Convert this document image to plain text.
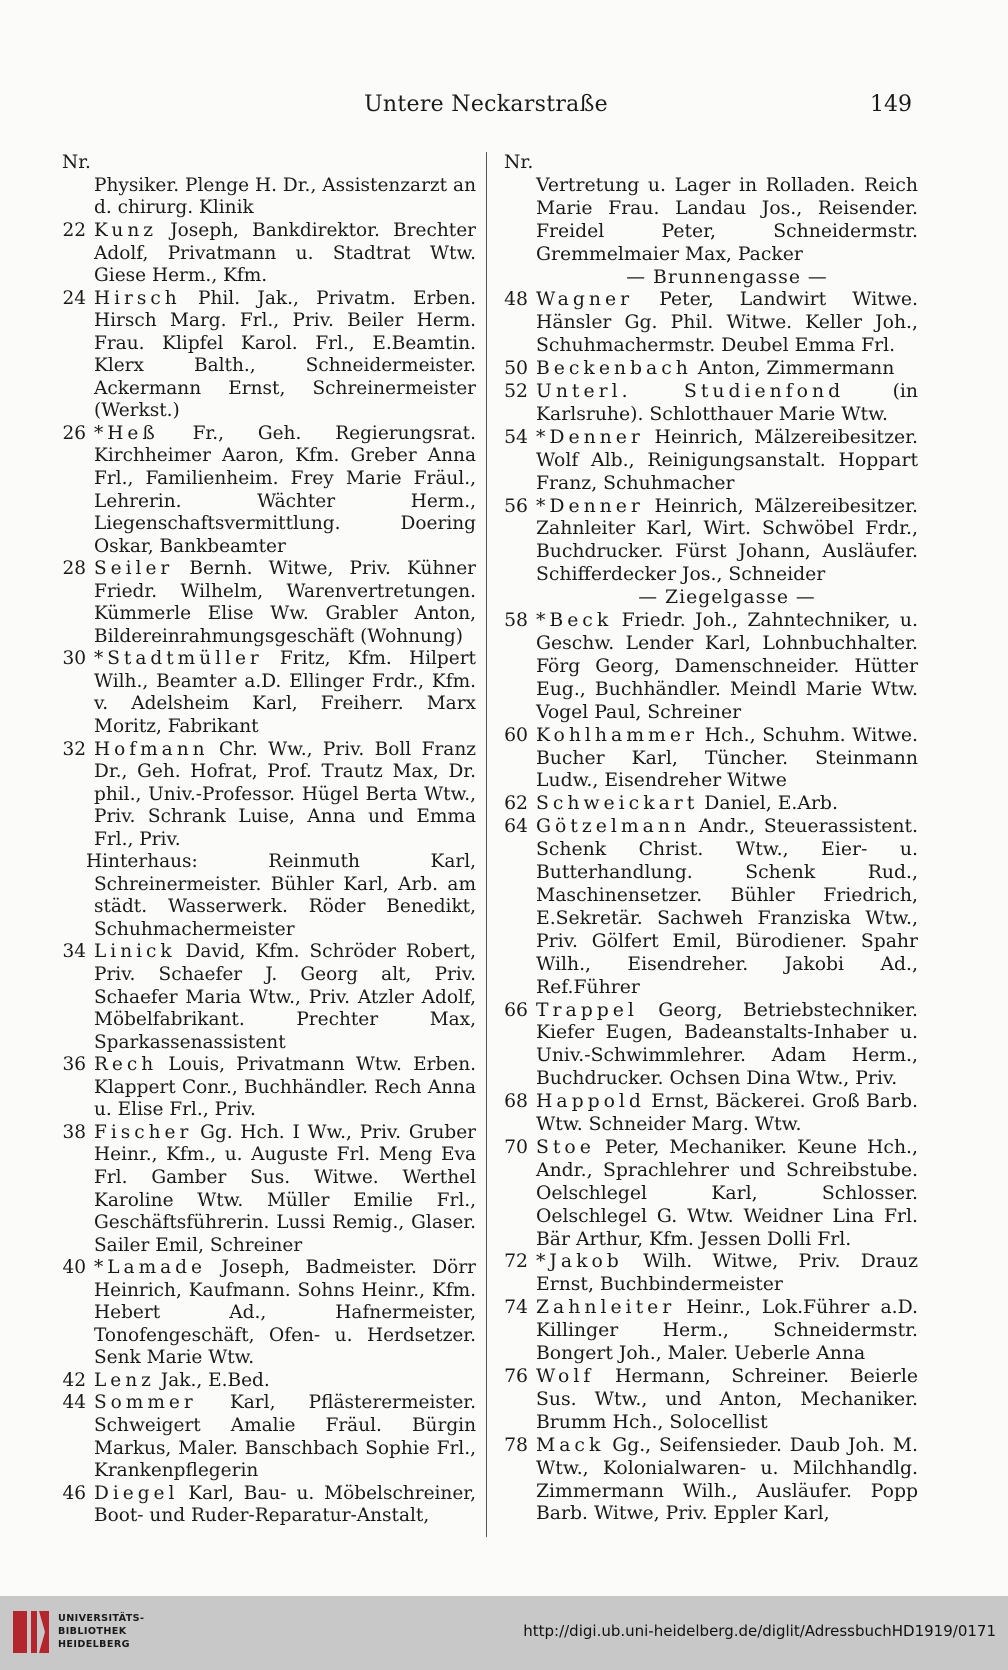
Untere Neckarstraße	149
Nr.

Physiker. Plenge H. Dr., Assistenzarzt an d. chirurg. Klinik

22 Kunz Joseph, Bankdirektor. Brechter Adolf, Privatmann u. Stadtrat Wtw. Giese Herm., Kfm.

24 Hirsch Phil. Jak., Privatm. Erben. Hirsch Marg. Frl., Priv. Beiler Herm. Frau. Klipfel Karol. Frl., E.Beamtin. Klerx Balth., Schneidermeister. Ackermann Ernst, Schreinermeister (Werkst.)

26 *Heß Fr., Geh. Regierungsrat. Kirchheimer Aaron, Kfm. Greber Anna Frl., Familienheim. Frey Marie Fräul., Lehrerin. Wächter Herm., Liegenschaftsvermittlung. Doering Oskar, Bankbeamter

28 Seiler Bernh. Witwe, Priv. Kühner Friedr. Wilhelm, Warenvertretungen. Kümmerle Elise Ww. Grabler Anton, Bildereinrahmungsgeschäft (Wohnung)

30 *Stadtmüller Fritz, Kfm. Hilpert Wilh., Beamter a.D. Ellinger Frdr., Kfm. v. Adelsheim Karl, Freiherr. Marx Moritz, Fabrikant

32 Hofmann Chr. Ww., Priv. Boll Franz Dr., Geh. Hofrat, Prof. Trautz Max, Dr. phil., Univ.-Professor. Hügel Berta Wtw., Priv. Schrank Luise, Anna und Emma Frl., Priv.

Hinterhaus: Reinmuth Karl, Schreinermeister. Bühler Karl, Arb. am städt. Wasserwerk. Röder Benedikt, Schuhmachermeister

34 Linick David, Kfm. Schröder Robert, Priv. Schaefer J. Georg alt, Priv. Schaefer Maria Wtw., Priv. Atzler Adolf, Möbelfabrikant. Prechter Max, Sparkassenassistent

36 Rech Louis, Privatmann Wtw. Erben. Klappert Conr., Buchhändler. Rech Anna u. Elise Frl., Priv.

38 Fischer Gg. Hch. I Ww., Priv. Gruber Heinr., Kfm., u. Auguste Frl. Meng Eva Frl. Gamber Sus. Witwe. Werthel Karoline Wtw. Müller Emilie Frl., Geschäftsführerin. Lussi Remig., Glaser. Sailer Emil, Schreiner

40 *Lamade Joseph, Badmeister. Dörr Heinrich, Kaufmann. Sohns Heinr., Kfm. Hebert Ad., Hafnermeister, Tonofengeschäft, Ofen- u. Herdsetzer. Senk Marie Wtw.

42 Lenz Jak., E.Bed.

44 Sommer Karl, Pflästerermeister. Schweigert Amalie Fräul. Bürgin Markus, Maler. Banschbach Sophie Frl., Krankenpflegerin

46 Diegel Karl, Bau- u. Möbelschreiner, Boot- und Ruder-Reparatur-Anstalt,

Nr.

Vertretung u. Lager in Rolladen. Reich Marie Frau. Landau Jos., Reisender. Freidel Peter, Schneidermstr. Gremmelmaier Max, Packer

— Brunnengasse —

48 Wagner Peter, Landwirt Witwe. Hänsler Gg. Phil. Witwe. Keller Joh., Schuhmachermstr. Deubel Emma Frl.

50 Beckenbach Anton, Zimmermann

52 Unterl. Studienfond	(in Karlsruhe). Schlotthauer Marie Wtw.

54 *Denner Heinrich, Mälzereibesitzer. Wolf Alb., Reinigungsanstalt. Hoppart Franz, Schuhmacher

56 *Denner Heinrich, Mälzereibesitzer. Zahnleiter Karl, Wirt. Schwöbel Frdr., Buchdrucker. Fürst Johann, Ausläufer. Schifferdecker Jos., Schneider

— Ziegelgasse —

58 *Beck Friedr. Joh., Zahntechniker, u. Geschw. Lender Karl, Lohnbuchhalter. Förg Georg, Damenschneider. Hütter Eug., Buchhändler. Meindl Marie Wtw. Vogel Paul, Schreiner

60 Kohlhammer Hch., Schuhm. Witwe. Bucher Karl, Tüncher. Steinmann Ludw., Eisendreher Witwe

62 Schweickart Daniel, E.Arb.

64 Götzelmann Andr., Steuerassistent. Schenk Christ. Wtw., Eier- u. Butterhandlung. Schenk Rud., Maschinensetzer. Bühler Friedrich, E.Sekretär. Sachweh Franziska Wtw., Priv. Gölfert Emil, Bürodiener. Spahr Wilh., Eisendreher. Jakobi Ad., Ref.Führer

66 Trappel Georg, Betriebstechniker. Kiefer Eugen, Badeanstalts-Inhaber u. Univ.-Schwimmlehrer. Adam Herm., Buchdrucker. Ochsen Dina Wtw., Priv.

68 Happold Ernst, Bäckerei. Groß Barb. Wtw. Schneider Marg. Wtw.

70 Stoe Peter, Mechaniker. Keune Hch., Andr., Sprachlehrer und Schreibstube. Oelschlegel Karl, Schlosser. Oelschlegel G. Wtw. Weidner Lina Frl. Bär Arthur, Kfm. Jessen Dolli Frl.

72 *Jakob Wilh. Witwe, Priv. Drauz Ernst, Buchbindermeister

74 Zahnleiter Heinr., Lok.Führer a.D. Killinger Herm., Schneidermstr. Bongert Joh., Maler. Ueberle Anna

76 Wolf Hermann, Schreiner. Beierle Sus. Wtw., und Anton, Mechaniker. Brumm Hch., Solocellist

78 Mack Gg., Seifensieder. Daub Joh. M. Wtw., Kolonialwaren- u. Milchhandlg. Zimmermann Wilh., Ausläufer. Popp Barb. Witwe, Priv. Eppler Karl,

UNIVERSITÄTS-
BIBLIOTHEK
HEIDELBERG
http://digi.ub.uni-heidelberg.de/diglit/AdressbuchHD1919/0171
